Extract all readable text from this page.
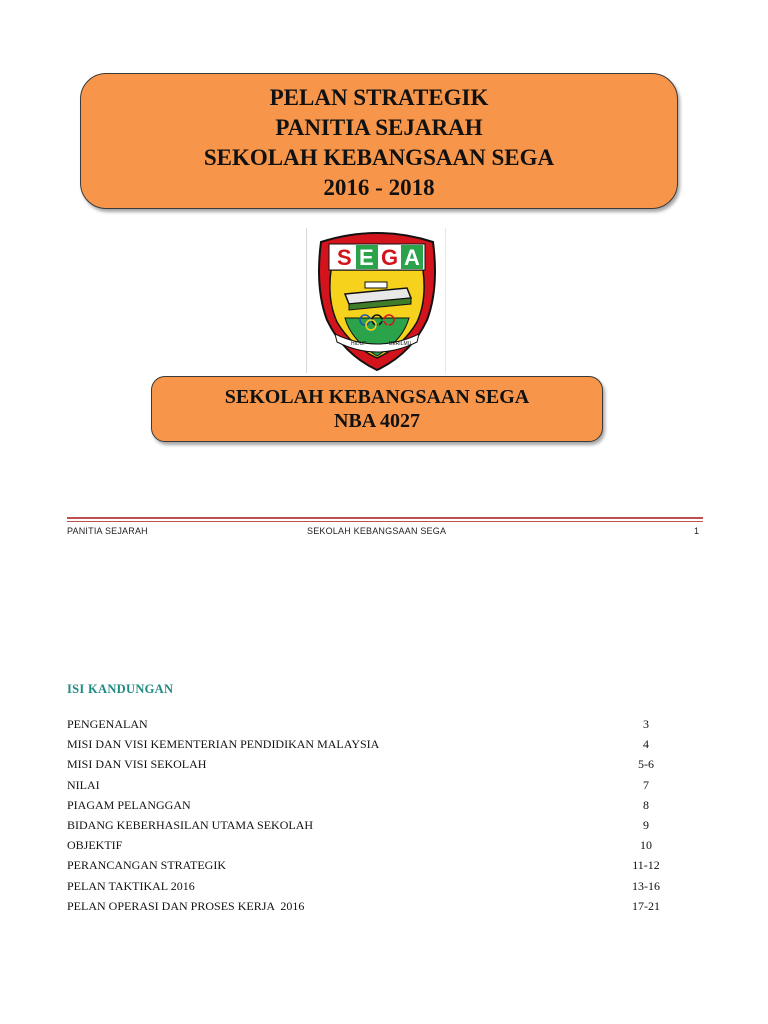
PELAN STRATEGIK
PANITIA SEJARAH
SEKOLAH KEBANGSAAN SEGA
2016 - 2018
S E G A
HIDUP	BERILMU
SEKOLAH KEBANGSAAN SEGA
NBA 4027
PANITIA SEJARAH	SEKOLAH KEBANGSAAN SEGA	1
ISI KANDUNGAN
PENGENALAN	3
MISI DAN VISI KEMENTERIAN PENDIDIKAN MALAYSIA	4
MISI DAN VISI SEKOLAH	5-6
NILAI	7
PIAGAM PELANGGAN	8
BIDANG KEBERHASILAN UTAMA SEKOLAH	9
OBJEKTIF	10
PERANCANGAN STRATEGIK	11-12
PELAN TAKTIKAL 2016	13-16
PELAN OPERASI DAN PROSES KERJA  2016	17-21
